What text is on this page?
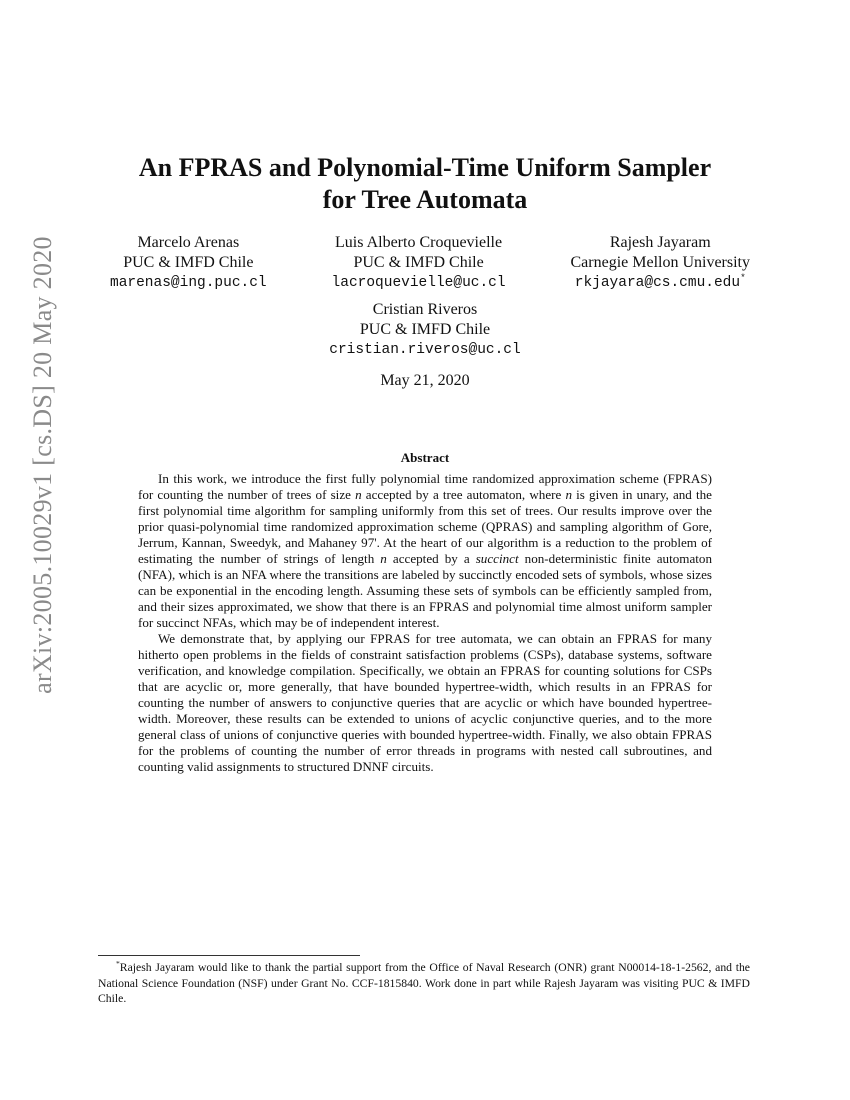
arXiv:2005.10029v1 [cs.DS] 20 May 2020
An FPRAS and Polynomial-Time Uniform Sampler
for Tree Automata
Marcelo Arenas
PUC & IMFD Chile
marenas@ing.puc.cl
Luis Alberto Croquevielle
PUC & IMFD Chile
lacroquevielle@uc.cl
Rajesh Jayaram
Carnegie Mellon University
rkjayara@cs.cmu.edu*
Cristian Riveros
PUC & IMFD Chile
cristian.riveros@uc.cl
May 21, 2020
Abstract

In this work, we introduce the first fully polynomial time randomized approximation scheme (FPRAS) for counting the number of trees of size n accepted by a tree automaton, where n is given in unary, and the first polynomial time algorithm for sampling uniformly from this set of trees. Our results improve over the prior quasi-polynomial time randomized approximation scheme (QPRAS) and sampling algorithm of Gore, Jerrum, Kannan, Sweedyk, and Mahaney 97'. At the heart of our algorithm is a reduction to the problem of estimating the number of strings of length n accepted by a succinct non-deterministic finite automaton (NFA), which is an NFA where the transitions are labeled by succinctly encoded sets of symbols, whose sizes can be exponential in the encoding length. Assuming these sets of symbols can be efficiently sampled from, and their sizes approximated, we show that there is an FPRAS and polynomial time almost uniform sampler for succinct NFAs, which may be of independent interest.

We demonstrate that, by applying our FPRAS for tree automata, we can obtain an FPRAS for many hitherto open problems in the fields of constraint satisfaction problems (CSPs), database systems, software verification, and knowledge compilation. Specifically, we obtain an FPRAS for counting solutions for CSPs that are acyclic or, more generally, that have bounded hypertree-width, which results in an FPRAS for counting the number of answers to conjunctive queries that are acyclic or which have bounded hypertree-width. Moreover, these results can be extended to unions of acyclic conjunctive queries, and to the more general class of unions of conjunctive queries with bounded hypertree-width. Finally, we also obtain FPRAS for the problems of counting the number of error threads in programs with nested call subroutines, and counting valid assignments to structured DNNF circuits.

*Rajesh Jayaram would like to thank the partial support from the Office of Naval Research (ONR) grant N00014-18-1-2562, and the National Science Foundation (NSF) under Grant No. CCF-1815840. Work done in part while Rajesh Jayaram was visiting PUC & IMFD Chile.
